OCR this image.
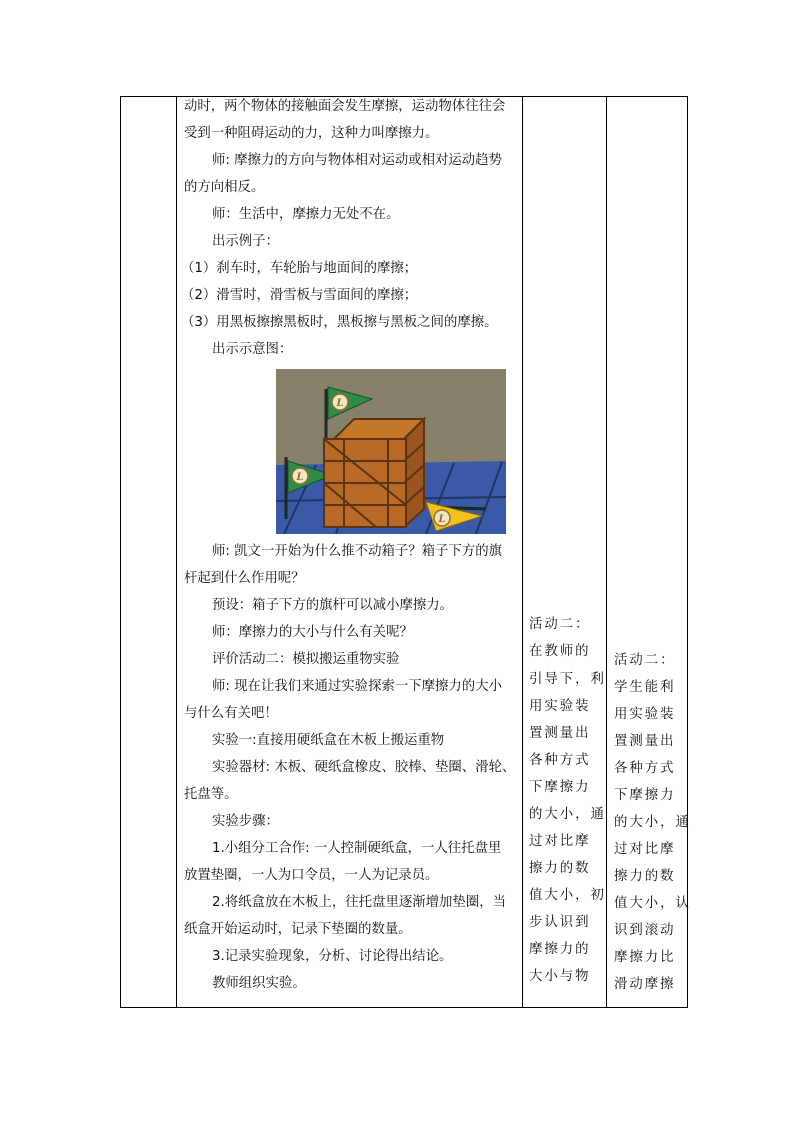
动时，两个物体的接触面会发生摩擦，运动物体往往会
受到一种阻碍运动的力，这种力叫摩擦力。
师: 摩擦力的方向与物体相对运动或相对运动趋势
的方向相反。
师：生活中，摩擦力无处不在。
出示例子：
（1）刹车时，车轮胎与地面间的摩擦；
（2）滑雪时，滑雪板与雪面间的摩擦；
（3）用黑板擦擦黑板时，黑板擦与黑板之间的摩擦。
出示示意图：
L
L
L
师: 凯文一开始为什么推不动箱子？箱子下方的旗
杆起到什么作用呢？
预设：箱子下方的旗杆可以减小摩擦力。
师：摩擦力的大小与什么有关呢？
评价活动二：模拟搬运重物实验
师: 现在让我们来通过实验探索一下摩擦力的大小
与什么有关吧！
实验一:直接用硬纸盒在木板上搬运重物
实验器材: 木板、硬纸盒橡皮、胶棒、垫圈、滑轮、
托盘等。
实验步骤：
1.小组分工合作: 一人控制硬纸盒，一人往托盘里
放置垫圈，一人为口令员，一人为记录员。
2.将纸盒放在木板上，往托盘里逐渐增加垫圈，当
纸盒开始运动时，记录下垫圈的数量。
3.记录实验现象，分析、讨论得出结论。
教师组织实验。
活动二：
在教师的
引导下，利
用实验装
置测量出
各种方式
下摩擦力
的大小，通
过对比摩
擦力的数
值大小，初
步认识到
摩擦力的
大小与物
活动二：
学生能利
用实验装
置测量出
各种方式
下摩擦力
的大小，通
过对比摩
擦力的数
值大小，认
识到滚动
摩擦力比
滑动摩擦
